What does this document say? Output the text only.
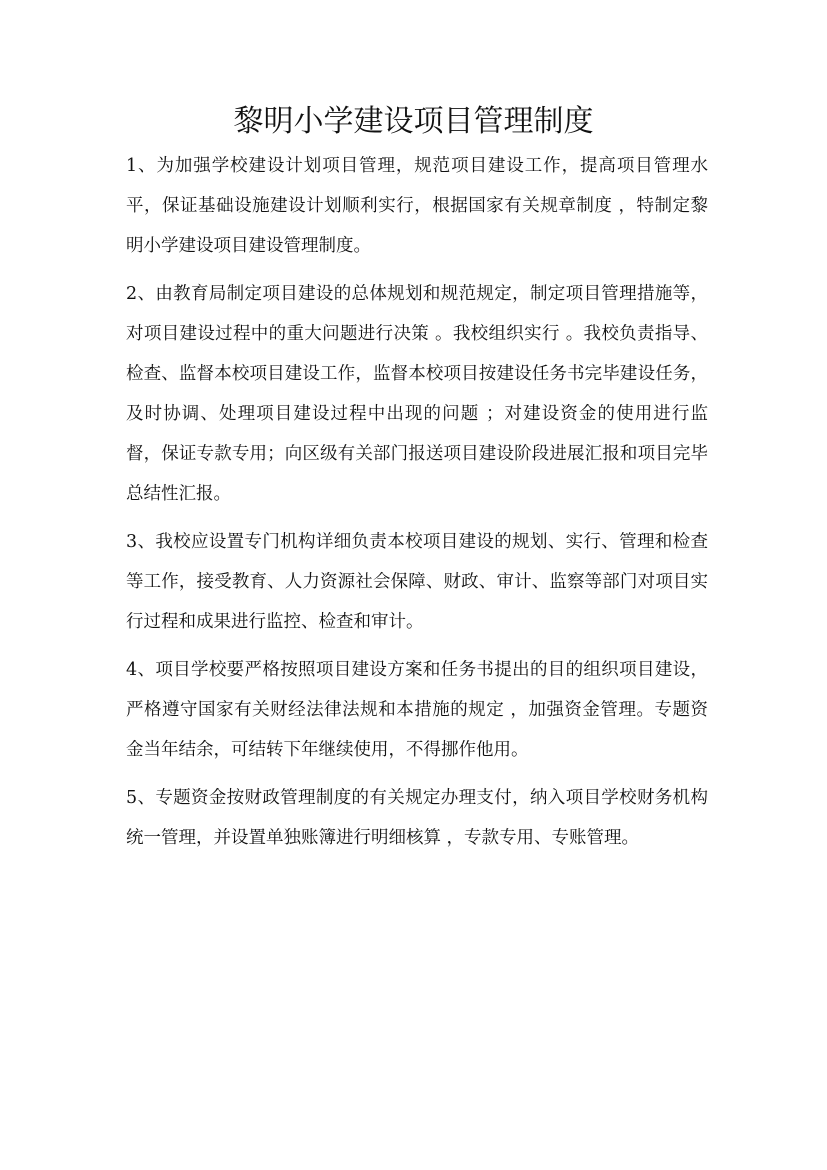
黎明小学建设项目管理制度

1、为加强学校建设计划项目管理，规范项目建设工作，提高项目管理水平，保证基础设施建设计划顺利实行，根据国家有关规章制度 ，特制定黎明小学建设项目建设管理制度。

2、由教育局制定项目建设的总体规划和规范规定，制定项目管理措施等，对项目建设过程中的重大问题进行决策 。我校组织实行 。我校负责指导、检查、监督本校项目建设工作，监督本校项目按建设任务书完毕建设任务，及时协调、处理项目建设过程中出现的问题 ；对建设资金的使用进行监督，保证专款专用；向区级有关部门报送项目建设阶段进展汇报和项目完毕总结性汇报。

3、我校应设置专门机构详细负责本校项目建设的规划、实行、管理和检查等工作，接受教育、人力资源社会保障、财政、审计、监察等部门对项目实行过程和成果进行监控、检查和审计。

4、项目学校要严格按照项目建设方案和任务书提出的目的组织项目建设，严格遵守国家有关财经法律法规和本措施的规定 ，加强资金管理。专题资金当年结余，可结转下年继续使用，不得挪作他用。

5、专题资金按财政管理制度的有关规定办理支付，纳入项目学校财务机构统一管理，并设置单独账簿进行明细核算 ，专款专用、专账管理。
